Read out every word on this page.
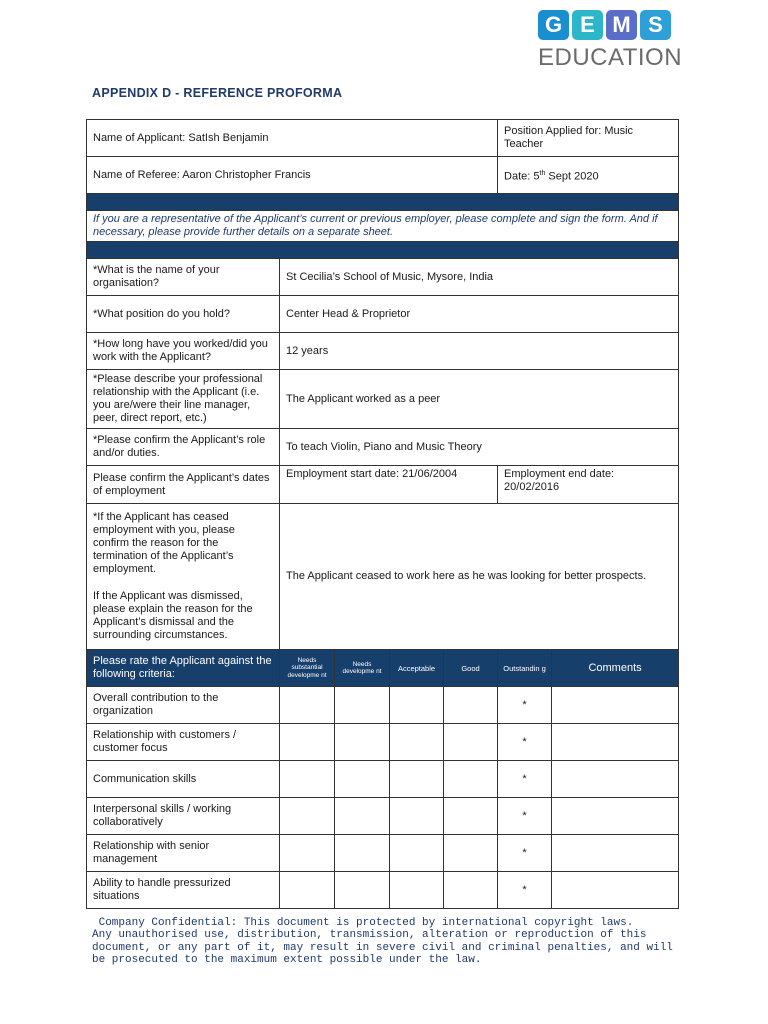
G E M S
EDUCATION
APPENDIX D - REFERENCE PROFORMA
Name of Applicant: SatIsh Benjamin					Position Applied for: Music Teacher	
Name of Referee: Aaron Christopher Francis					Date: 5th Sept 2020	

If you are a representative of the Applicant’s current or previous employer, please complete and sign the form. And if necessary, please provide further details on a separate sheet.						

*What is the name of your organisation?	St Cecilia’s School of Music, Mysore, India					
*What position do you hold?	Center Head & Proprietor					
*How long have you worked/did you work with the Applicant?	12 years					
*Please describe your professional relationship with the Applicant (i.e. you are/were their line manager, peer, direct report, etc.)	The Applicant worked as a peer					
*Please confirm the Applicant’s role and/or duties.	To teach Violin, Piano and Music Theory					
Please confirm the Applicant’s dates of employment	Employment start date: 21/06/2004				Employment end date: 20/02/2016	

*If the Applicant has ceased employment with you, please confirm the reason for the termination of the Applicant’s employment.
If the Applicant was dismissed, please explain the reason for the Applicant’s dismissal and the surrounding circumstances.	The Applicant ceased to work here as he was looking for better prospects.					
Please rate the Applicant against the following criteria:	Needs substantial developme nt	Needs developme nt	Acceptable	Good	Outstandin g	Comments
Overall contribution to the organization					*	
Relationship with customers / customer focus					*	
Communication skills					*	
Interpersonal skills / working collaboratively					*	
Relationship with senior management					*	
Ability to handle pressurized situations					*	
Company Confidential: This document is protected by international copyright laws.
Any unauthorised use, distribution, transmission, alteration or reproduction of this document, or any part of it, may result in severe civil and criminal penalties, and will be prosecuted to the maximum extent possible under the law.
